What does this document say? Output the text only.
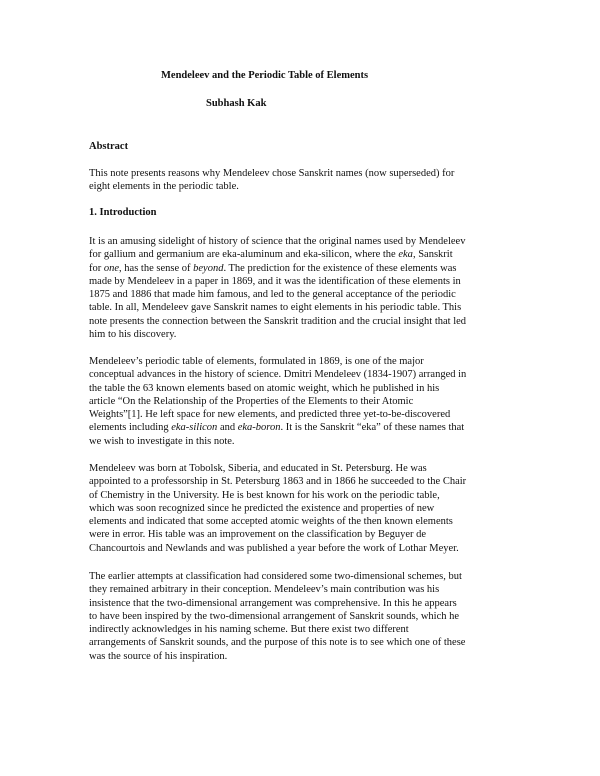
Mendeleev and the Periodic Table of Elements
Subhash Kak
Abstract

This note presents reasons why Mendeleev chose Sanskrit names (now superseded) for
eight elements in the periodic table.

1. Introduction

It is an amusing sidelight of history of science that the original names used by Mendeleev
for gallium and germanium are eka-aluminum and eka-silicon, where the eka, Sanskrit
for one, has the sense of beyond. The prediction for the existence of these elements was
made by Mendeleev in a paper in 1869, and it was the identification of these elements in
1875 and 1886 that made him famous, and led to the general acceptance of the periodic
table. In all, Mendeleev gave Sanskrit names to eight elements in his periodic table. This
note presents the connection between the Sanskrit tradition and the crucial insight that led
him to his discovery.

Mendeleev’s periodic table of elements, formulated in 1869, is one of the major
conceptual advances in the history of science. Dmitri Mendeleev (1834-1907) arranged in
the table the 63 known elements based on atomic weight, which he published in his
article “On the Relationship of the Properties of the Elements to their Atomic
Weights”[1]. He left space for new elements, and predicted three yet-to-be-discovered
elements including eka-silicon and eka-boron. It is the Sanskrit “eka” of these names that
we wish to investigate in this note.

Mendeleev was born at Tobolsk, Siberia, and educated in St. Petersburg. He was
appointed to a professorship in St. Petersburg 1863 and in 1866 he succeeded to the Chair
of Chemistry in the University. He is best known for his work on the periodic table,
which was soon recognized since he predicted the existence and properties of new
elements and indicated that some accepted atomic weights of the then known elements
were in error. His table was an improvement on the classification by Beguyer de
Chancourtois and Newlands and was published a year before the work of Lothar Meyer.

The earlier attempts at classification had considered some two-dimensional schemes, but
they remained arbitrary in their conception. Mendeleev’s main contribution was his
insistence that the two-dimensional arrangement was comprehensive. In this he appears
to have been inspired by the two-dimensional arrangement of Sanskrit sounds, which he
indirectly acknowledges in his naming scheme. But there exist two different
arrangements of Sanskrit sounds, and the purpose of this note is to see which one of these
was the source of his inspiration.
